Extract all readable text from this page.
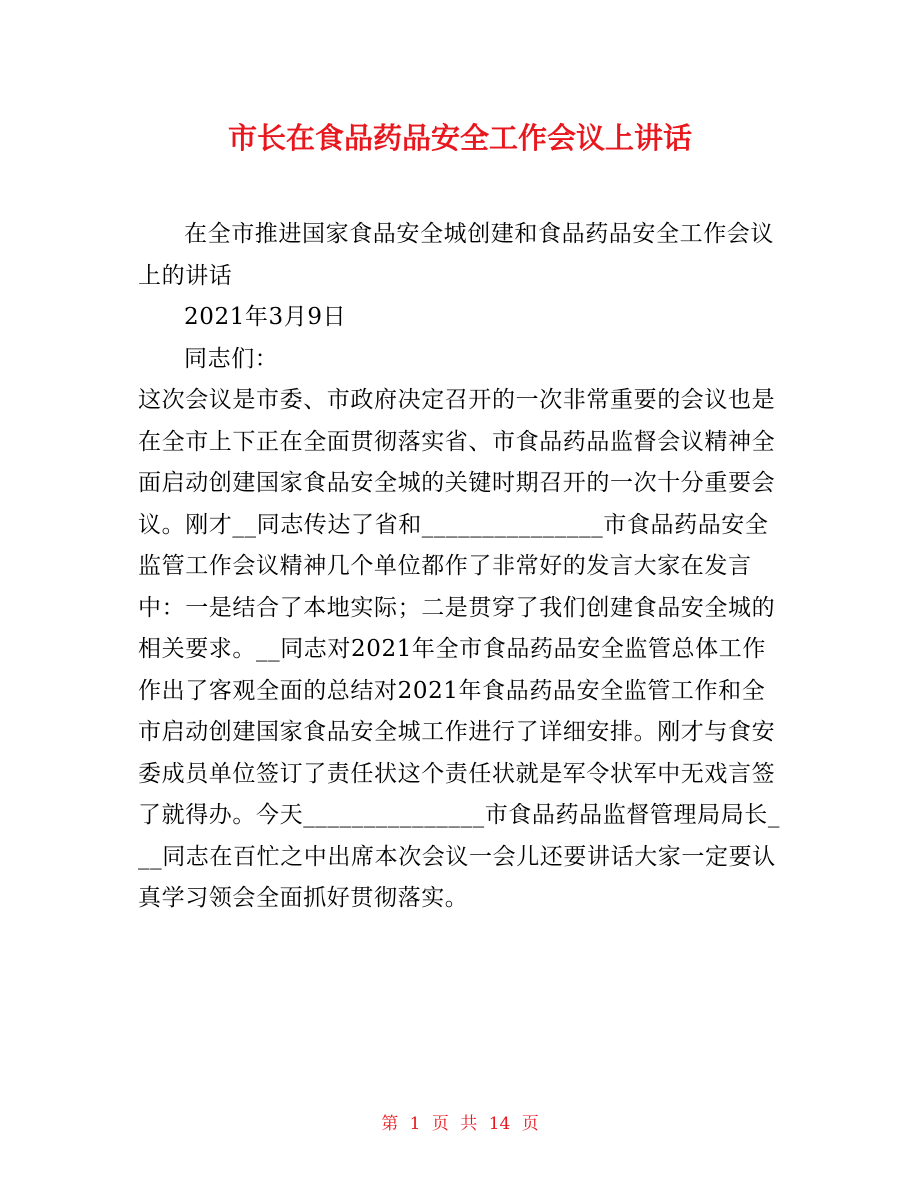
市长在食品药品安全工作会议上讲话

在全市推进国家食品安全城创建和食品药品安全工作会议上的讲话

2021年3月9日

同志们：

这次会议是市委、市政府决定召开的一次非常重要的会议也是在全市上下正在全面贯彻落实省、市食品药品监督会议精神全面启动创建国家食品安全城的关键时期召开的一次十分重要会议。刚才__同志传达了省和_______________市食品药品安全监管工作会议精神几个单位都作了非常好的发言大家在发言中：一是结合了本地实际；二是贯穿了我们创建食品安全城的相关要求。__同志对2021年全市食品药品安全监管总体工作作出了客观全面的总结对2021年食品药品安全监管工作和全市启动创建国家食品安全城工作进行了详细安排。刚才与食安委成员单位签订了责任状这个责任状就是军令状军中无戏言签了就得办。今天_______________市食品药品监督管理局局长___同志在百忙之中出席本次会议一会儿还要讲话大家一定要认真学习领会全面抓好贯彻落实。

第 1 页 共 14 页
